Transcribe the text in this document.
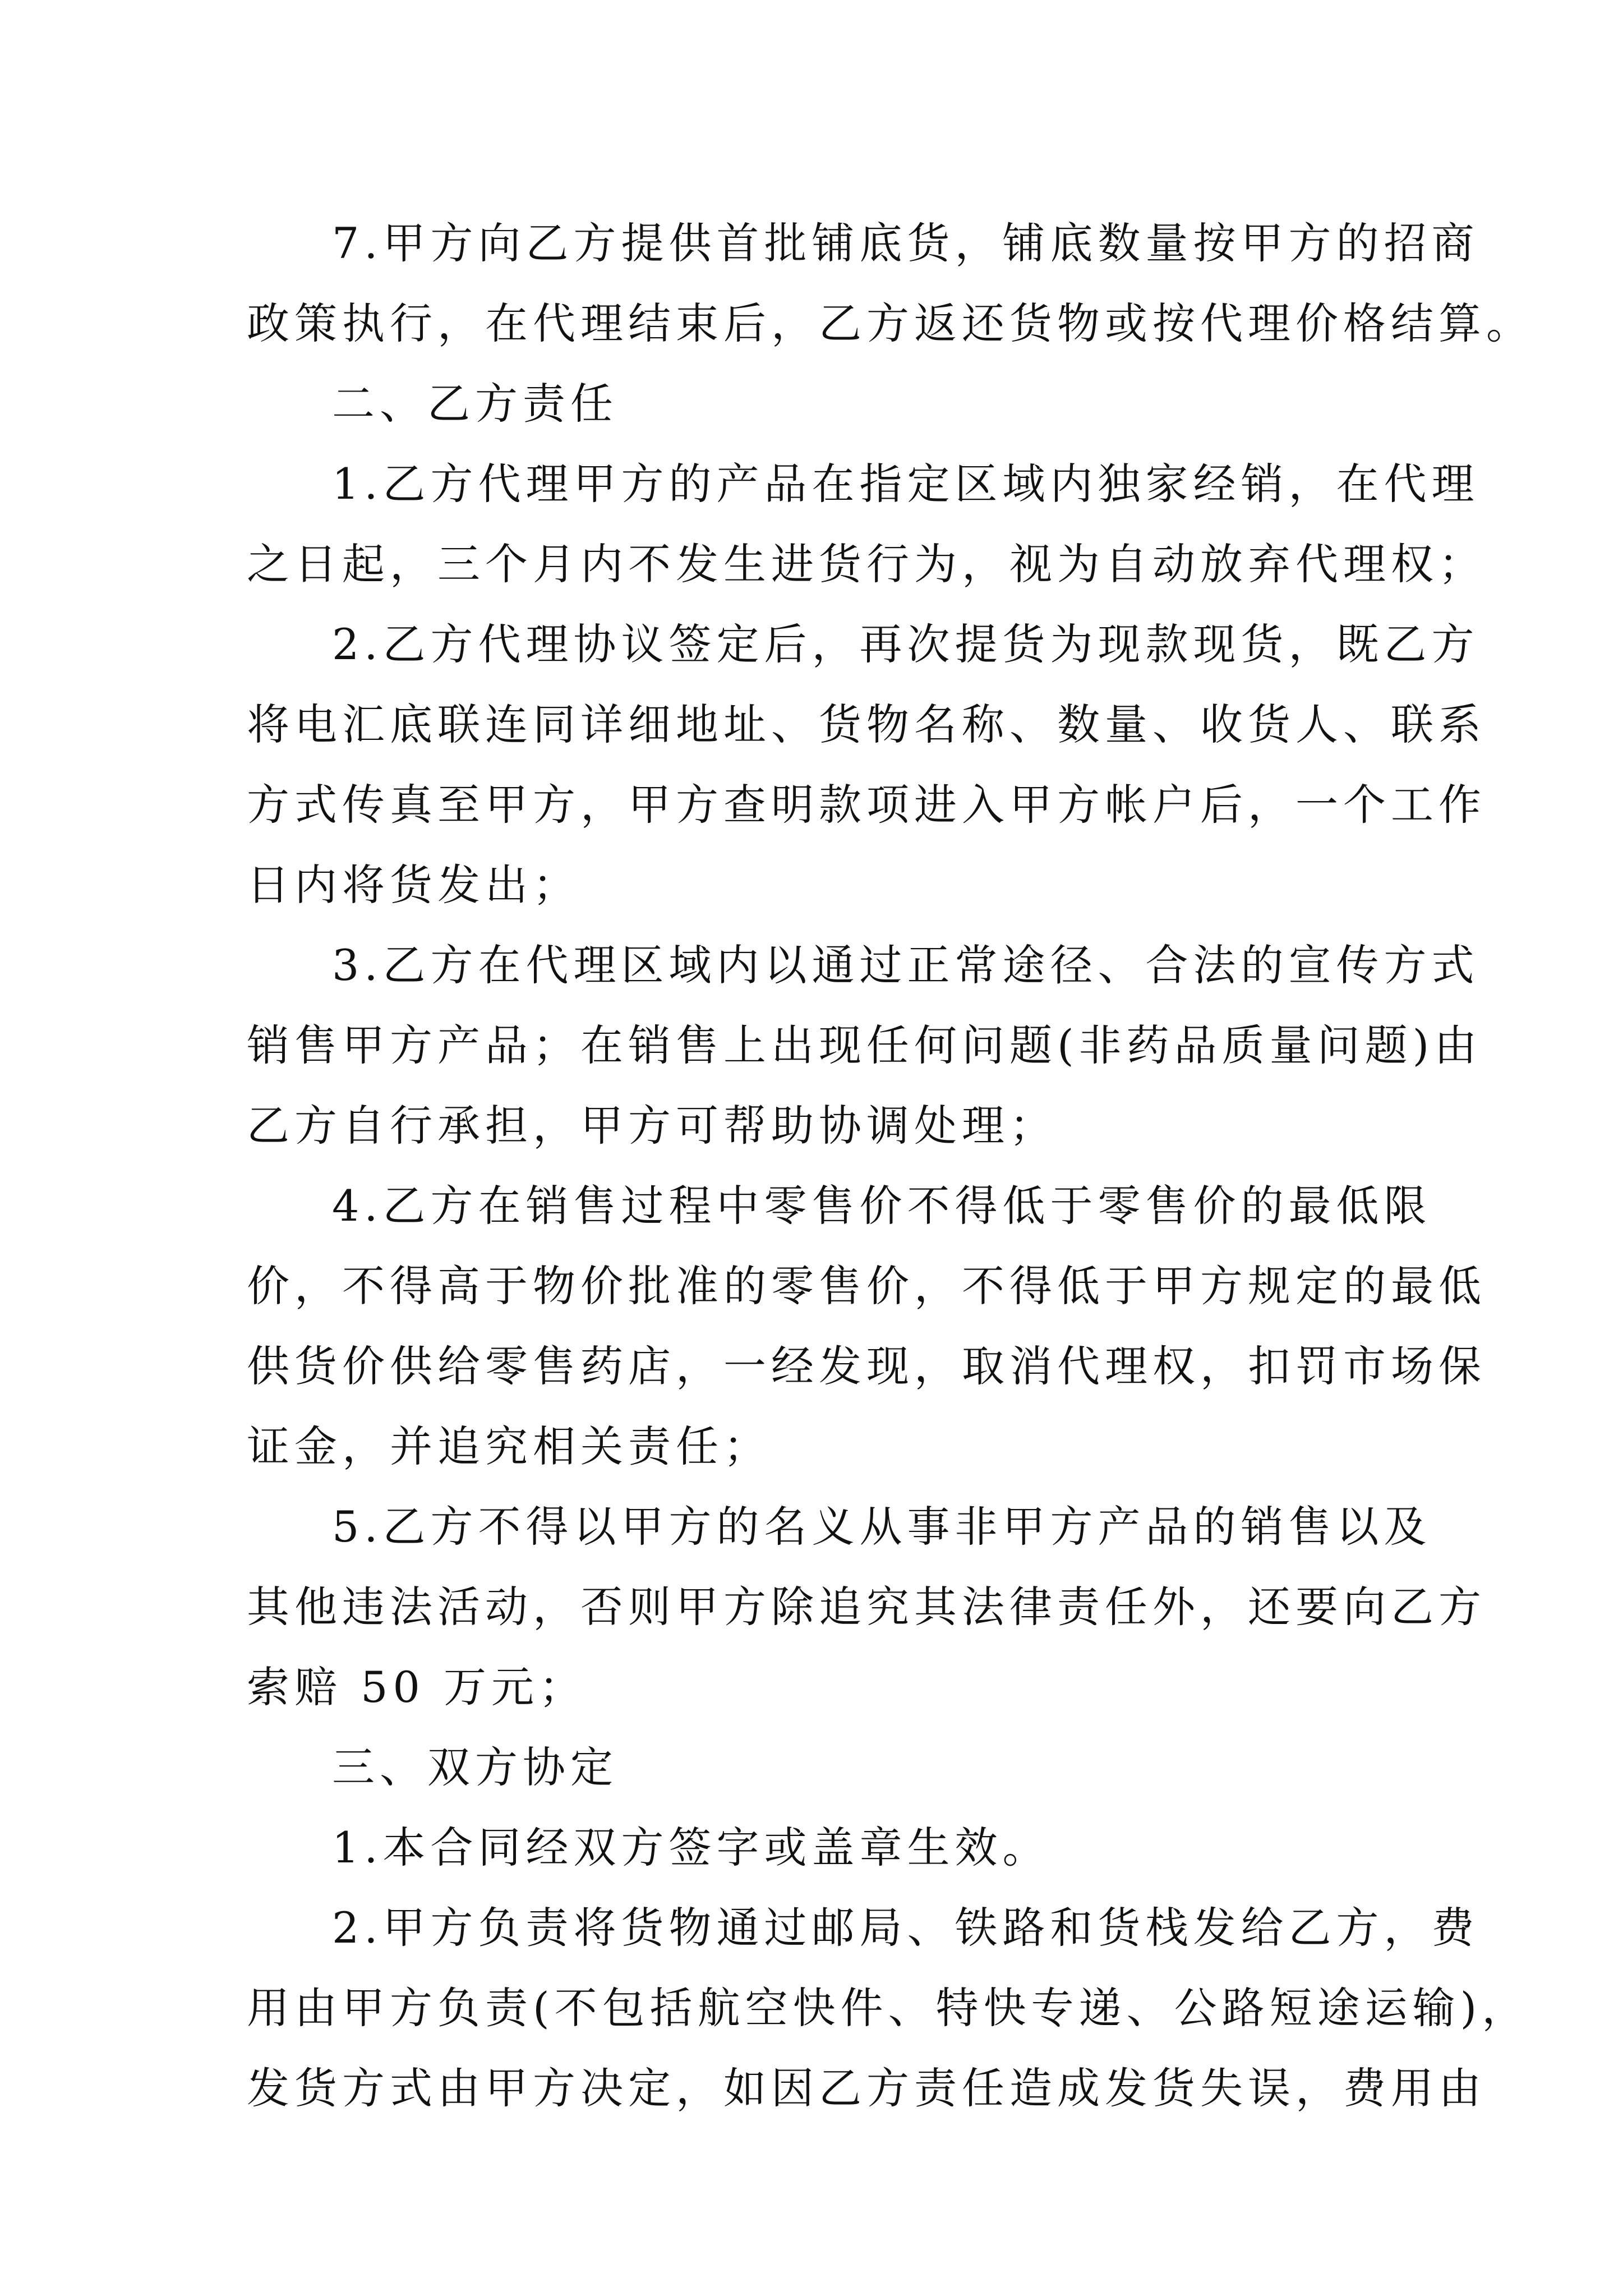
7.甲方向乙方提供首批铺底货，铺底数量按甲方的招商
政策执行，在代理结束后，乙方返还货物或按代理价格结算。
二、乙方责任
1.乙方代理甲方的产品在指定区域内独家经销，在代理
之日起，三个月内不发生进货行为，视为自动放弃代理权；
2.乙方代理协议签定后，再次提货为现款现货，既乙方
将电汇底联连同详细地址、货物名称、数量、收货人、联系
方式传真至甲方，甲方查明款项进入甲方帐户后，一个工作
日内将货发出；
3.乙方在代理区域内以通过正常途径、合法的宣传方式
销售甲方产品；在销售上出现任何问题(非药品质量问题)由
乙方自行承担，甲方可帮助协调处理；
4.乙方在销售过程中零售价不得低于零售价的最低限
价，不得高于物价批准的零售价，不得低于甲方规定的最低
供货价供给零售药店，一经发现，取消代理权，扣罚市场保
证金，并追究相关责任；
5.乙方不得以甲方的名义从事非甲方产品的销售以及
其他违法活动，否则甲方除追究其法律责任外，还要向乙方
索赔 50 万元；
三、双方协定
1.本合同经双方签字或盖章生效。
2.甲方负责将货物通过邮局、铁路和货栈发给乙方，费
用由甲方负责(不包括航空快件、特快专递、公路短途运输)，
发货方式由甲方决定，如因乙方责任造成发货失误，费用由
